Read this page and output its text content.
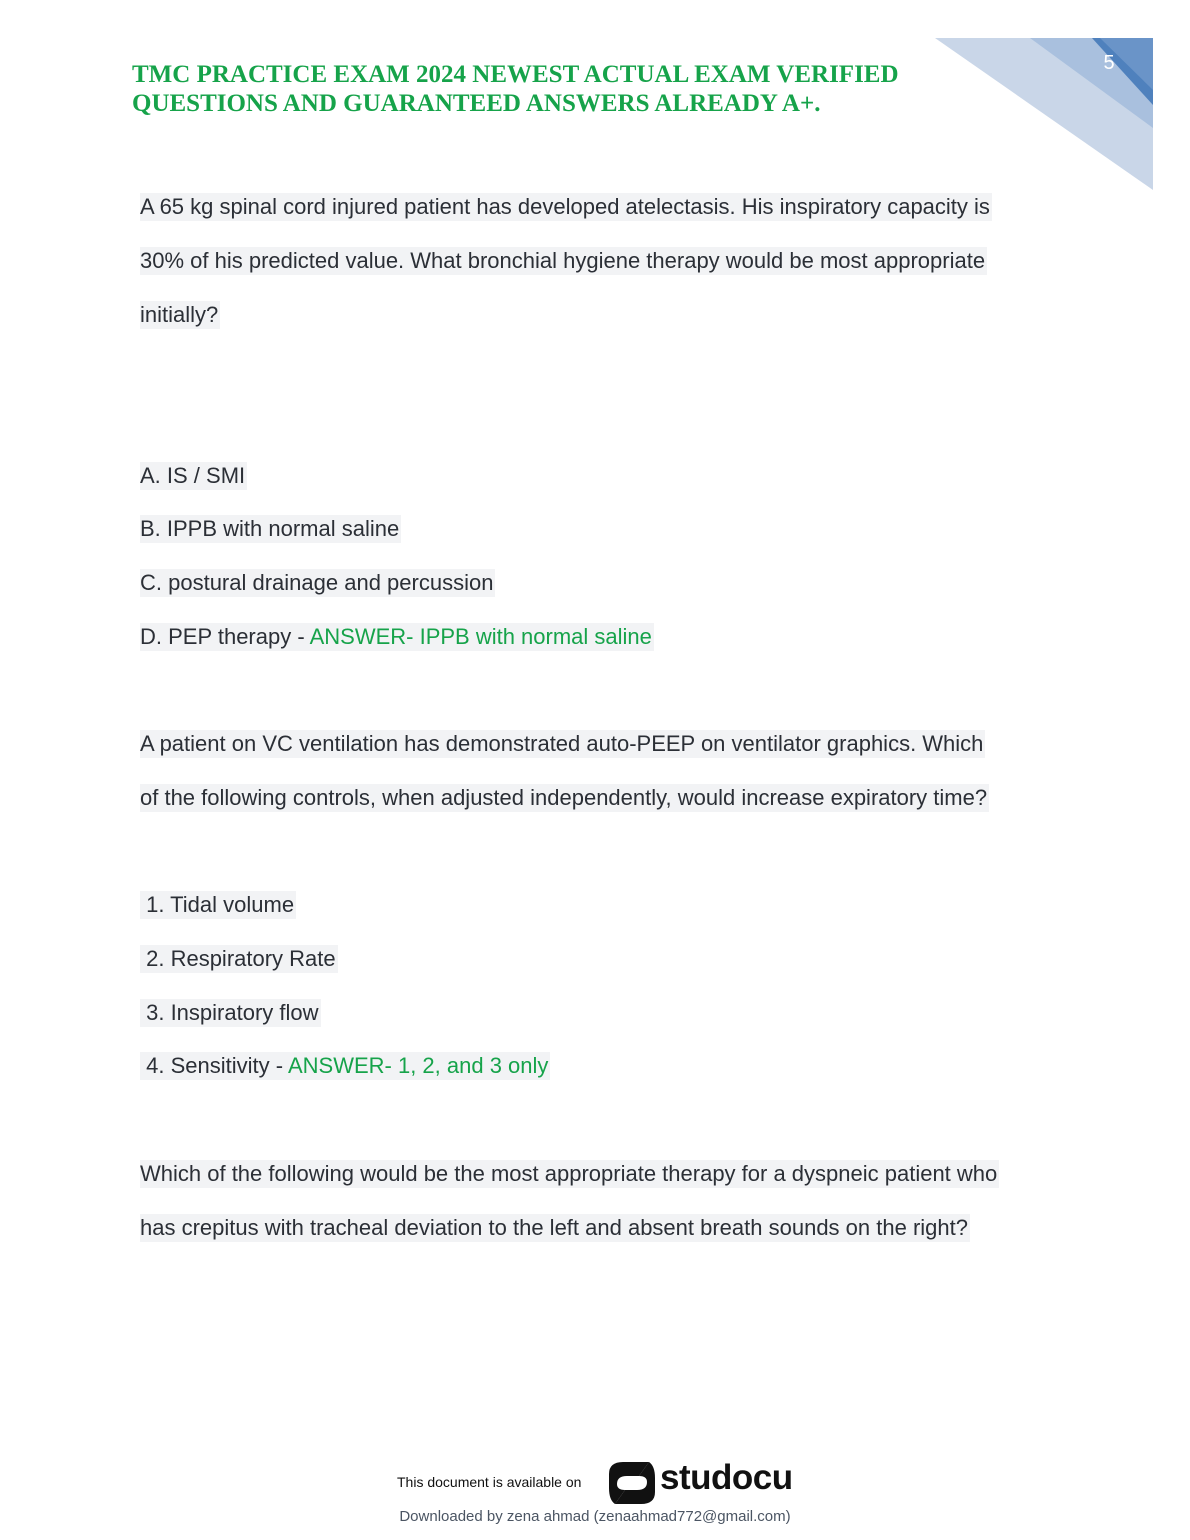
5
TMC PRACTICE EXAM 2024 NEWEST ACTUAL EXAM VERIFIED
QUESTIONS AND GUARANTEED ANSWERS ALREADY A+.
A 65 kg spinal cord injured patient has developed atelectasis. His inspiratory capacity is
30% of his predicted value. What bronchial hygiene therapy would be most appropriate
initially?
A. IS / SMI
B. IPPB with normal saline
C. postural drainage and percussion
D. PEP therapy - ANSWER- IPPB with normal saline
A patient on VC ventilation has demonstrated auto-PEEP on ventilator graphics. Which
of the following controls, when adjusted independently, would increase expiratory time?
1. Tidal volume
2. Respiratory Rate
3. Inspiratory flow
4. Sensitivity - ANSWER- 1, 2, and 3 only
Which of the following would be the most appropriate therapy for a dyspneic patient who
has crepitus with tracheal deviation to the left and absent breath sounds on the right?
This document is available on studocu
Downloaded by zena ahmad (zenaahmad772@gmail.com)
